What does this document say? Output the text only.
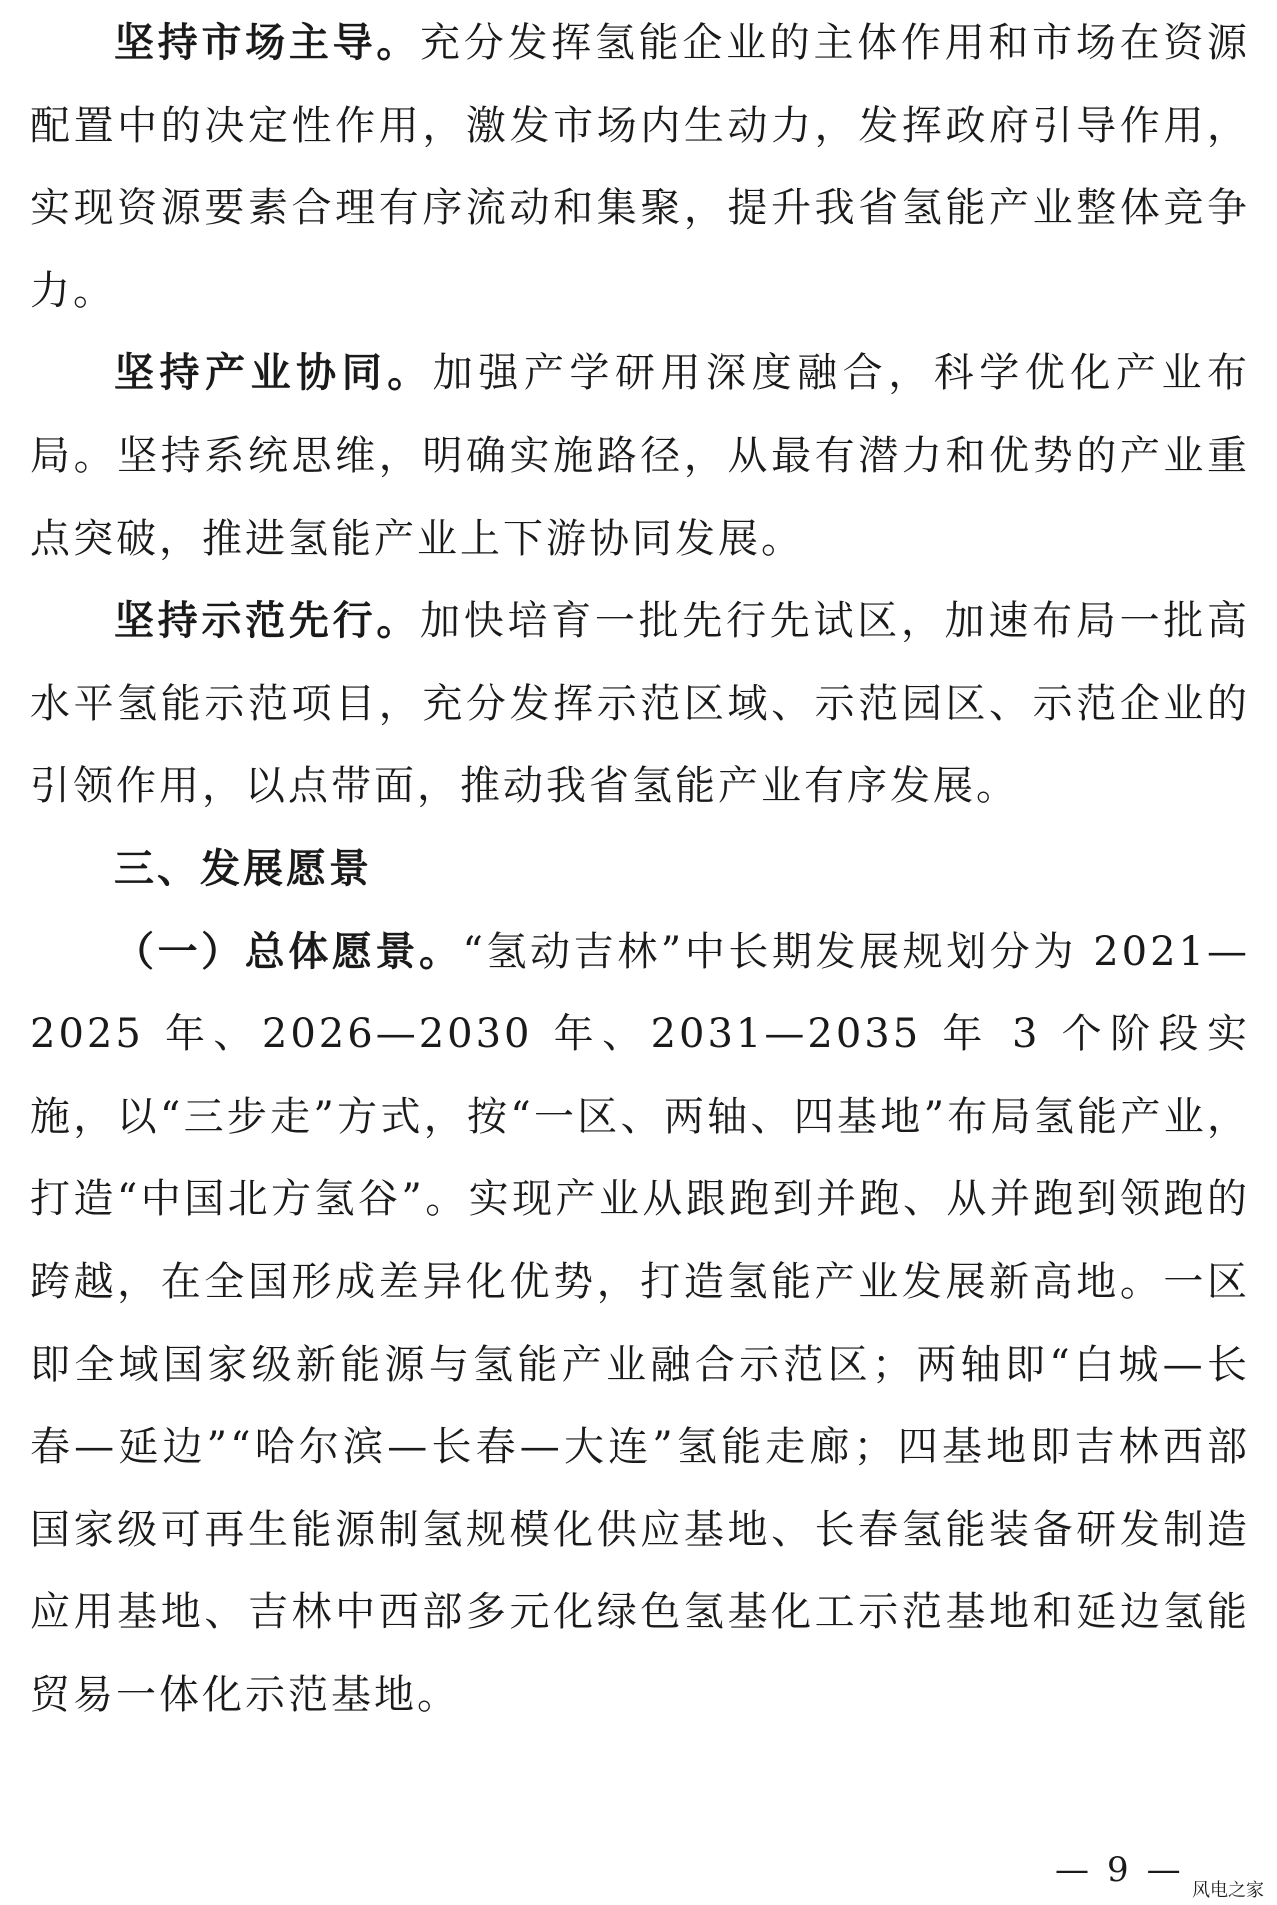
坚持市场主导。充分发挥氢能企业的主体作用和市场在资源配置中的决定性作用，激发市场内生动力，发挥政府引导作用，实现资源要素合理有序流动和集聚，提升我省氢能产业整体竞争力。

坚持产业协同。加强产学研用深度融合，科学优化产业布局。坚持系统思维，明确实施路径，从最有潜力和优势的产业重点突破，推进氢能产业上下游协同发展。

坚持示范先行。加快培育一批先行先试区，加速布局一批高水平氢能示范项目，充分发挥示范区域、示范园区、示范企业的引领作用，以点带面，推动我省氢能产业有序发展。

三、发展愿景

（一）总体愿景。“氢动吉林”中长期发展规划分为 2021—2025 年、2026—2030 年、2031—2035 年 3 个阶段实施，以“三步走”方式，按“一区、两轴、四基地”布局氢能产业，打造“中国北方氢谷”。实现产业从跟跑到并跑、从并跑到领跑的跨越，在全国形成差异化优势，打造氢能产业发展新高地。一区即全域国家级新能源与氢能产业融合示范区；两轴即“白城—长春—延边”“哈尔滨—长春—大连”氢能走廊；四基地即吉林西部国家级可再生能源制氢规模化供应基地、长春氢能装备研发制造应用基地、吉林中西部多元化绿色氢基化工示范基地和延边氢能贸易一体化示范基地。

— 9 —
风电之家
